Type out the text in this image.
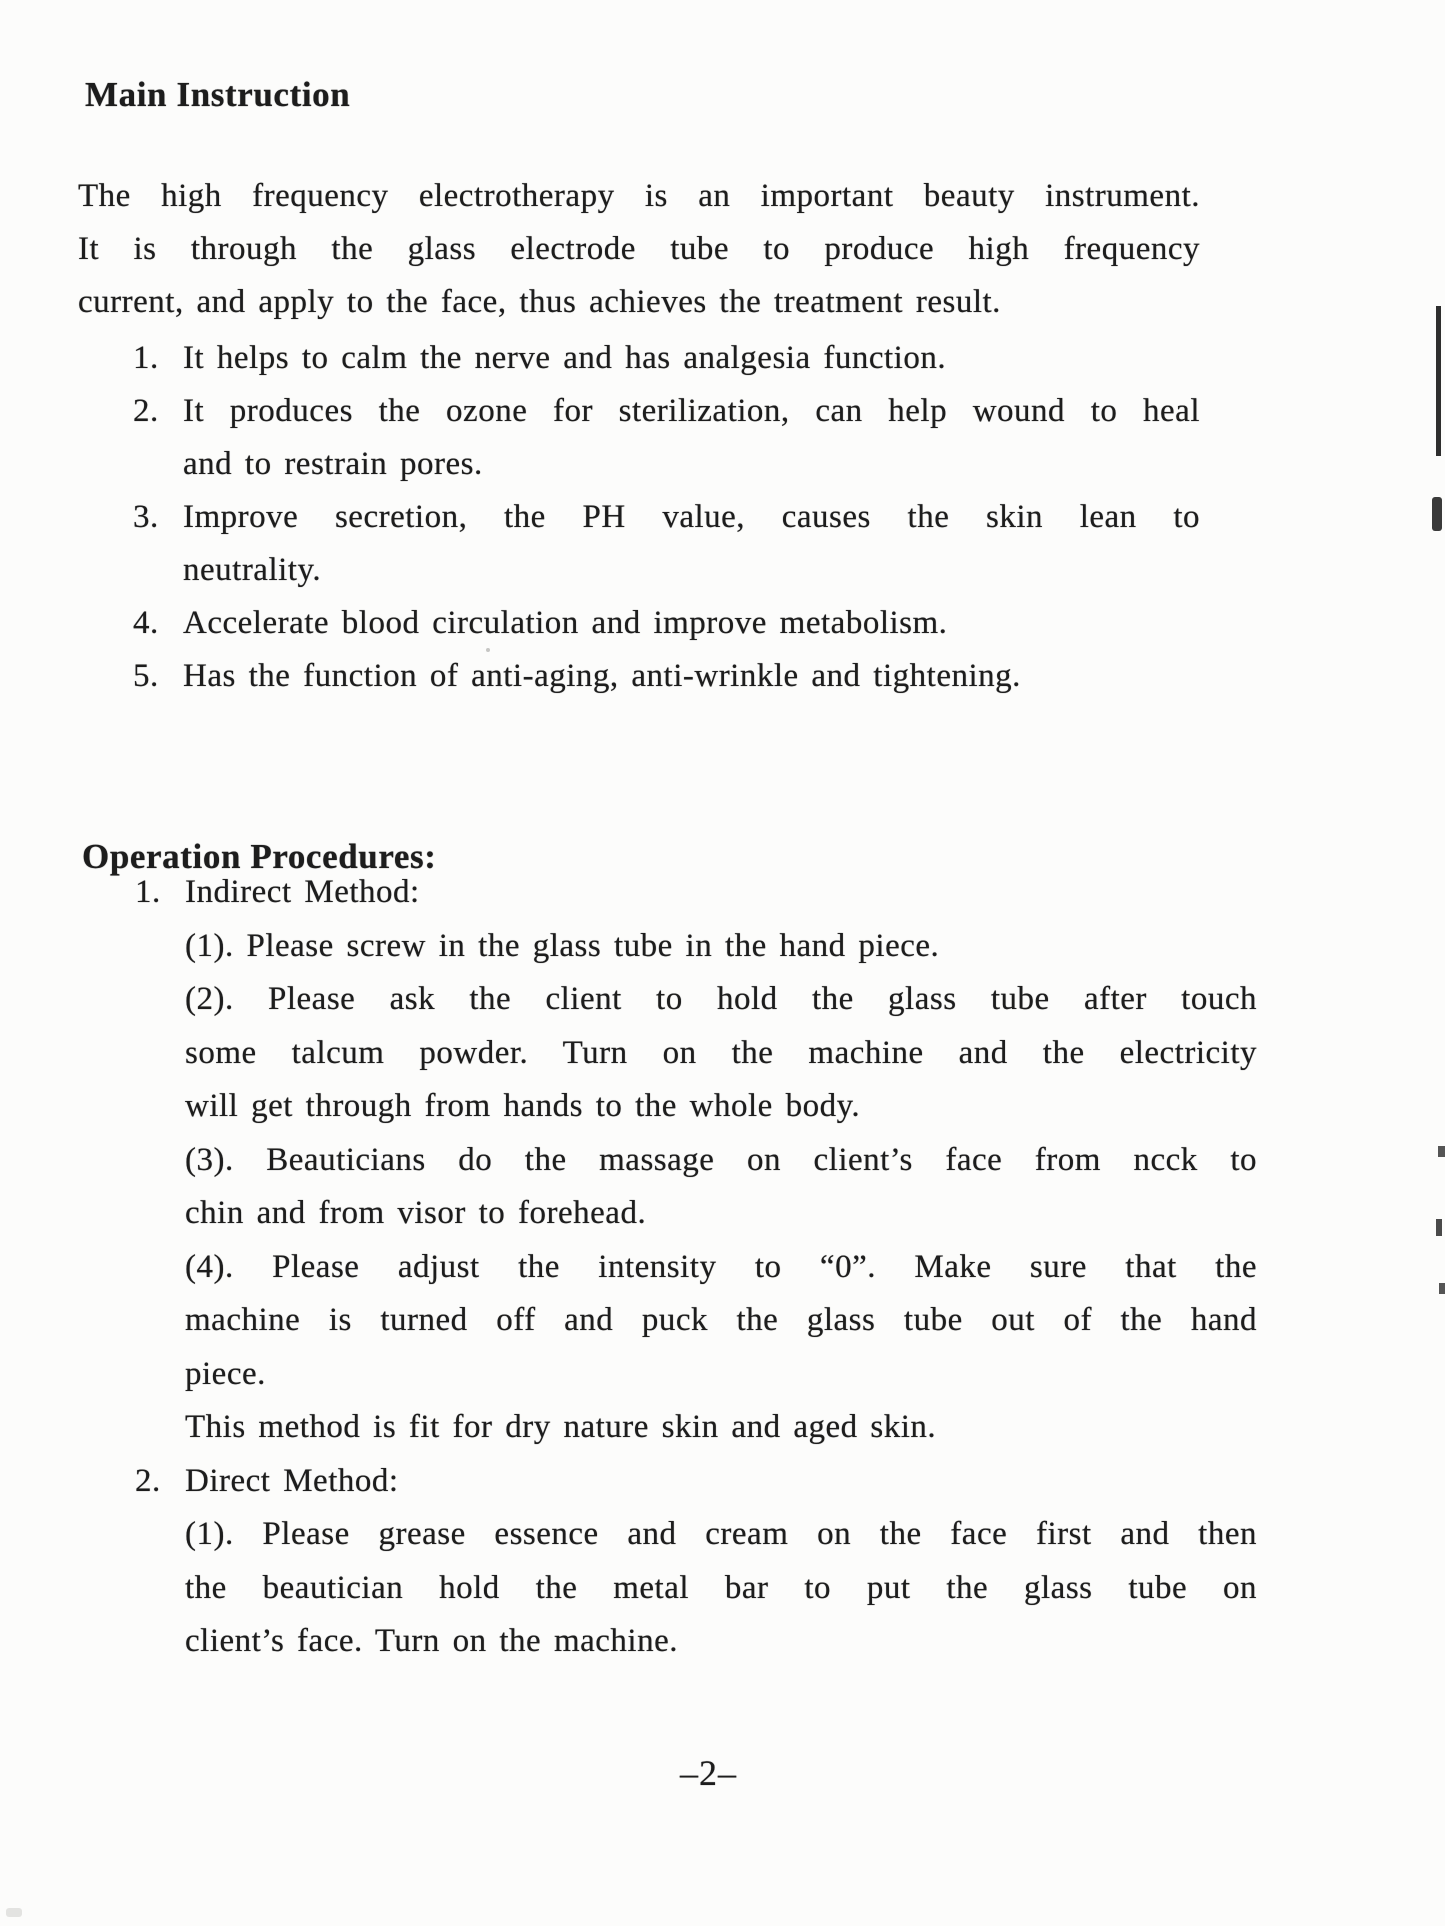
Main Instruction
The high frequency electrotherapy is an important beauty instrument.
It is through the glass electrode tube to produce high frequency
current, and apply to the face, thus achieves the treatment result.
1. It helps to calm the nerve and has analgesia function.
2. It produces the ozone for sterilization, can help wound to heal
and to restrain pores.
3. Improve secretion, the PH value, causes the skin lean to
neutrality.
4. Accelerate blood circulation and improve metabolism.
5. Has the function of anti-aging, anti-wrinkle and tightening.
Operation Procedures:
1. Indirect Method:
(1). Please screw in the glass tube in the hand piece.
(2). Please ask the client to hold the glass tube after touch
some talcum powder. Turn on the machine and the electricity
will get through from hands to the whole body.
(3). Beauticians do the massage on client’s face from ncck to
chin and from visor to forehead.
(4). Please adjust the intensity to “0”. Make sure that the
machine is turned off and puck the glass tube out of the hand
piece.
This method is fit for dry nature skin and aged skin.
2. Direct Method:
(1). Please grease essence and cream on the face first and then
the beautician hold the metal bar to put the glass tube on
client’s face. Turn on the machine.
–2–
